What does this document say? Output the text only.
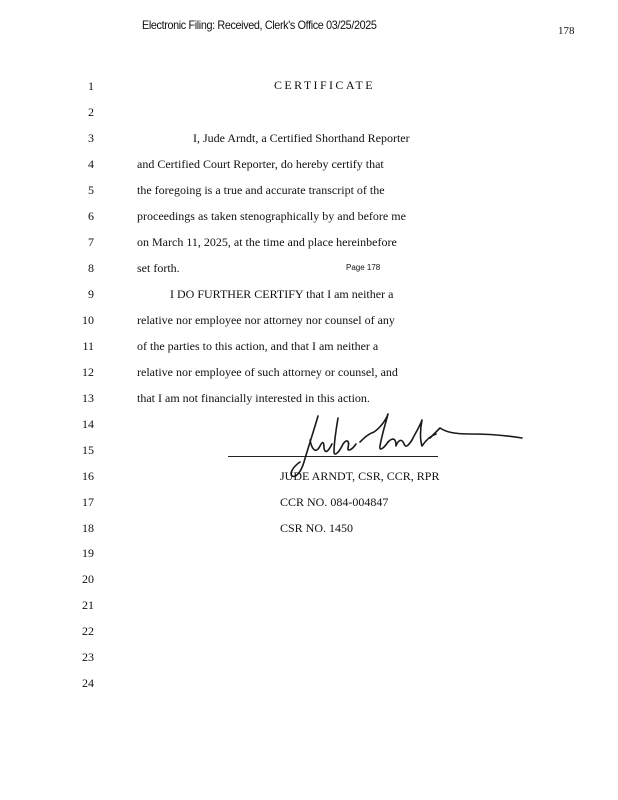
Electronic Filing: Received, Clerk's Office 03/25/2025	178
1
2
3
4
5
6
7
8
9
10
11
12
13
14
15
16
17
18
19
20
21
22
23
24
CERTIFICATE
I, Jude Arndt, a Certified Shorthand Reporter
and Certified Court Reporter, do hereby certify that
the foregoing is a true and accurate transcript of the
proceedings as taken stenographically by and before me
on March 11, 2025, at the time and place hereinbefore
set forth.	Page 178
I DO FURTHER CERTIFY that I am neither a
relative nor employee nor attorney nor counsel of any
of the parties to this action, and that I am neither a
relative nor employee of such attorney or counsel, and
that I am not financially interested in this action.
JUDE ARNDT, CSR, CCR, RPR
CCR NO. 084-004847
CSR NO. 1450
